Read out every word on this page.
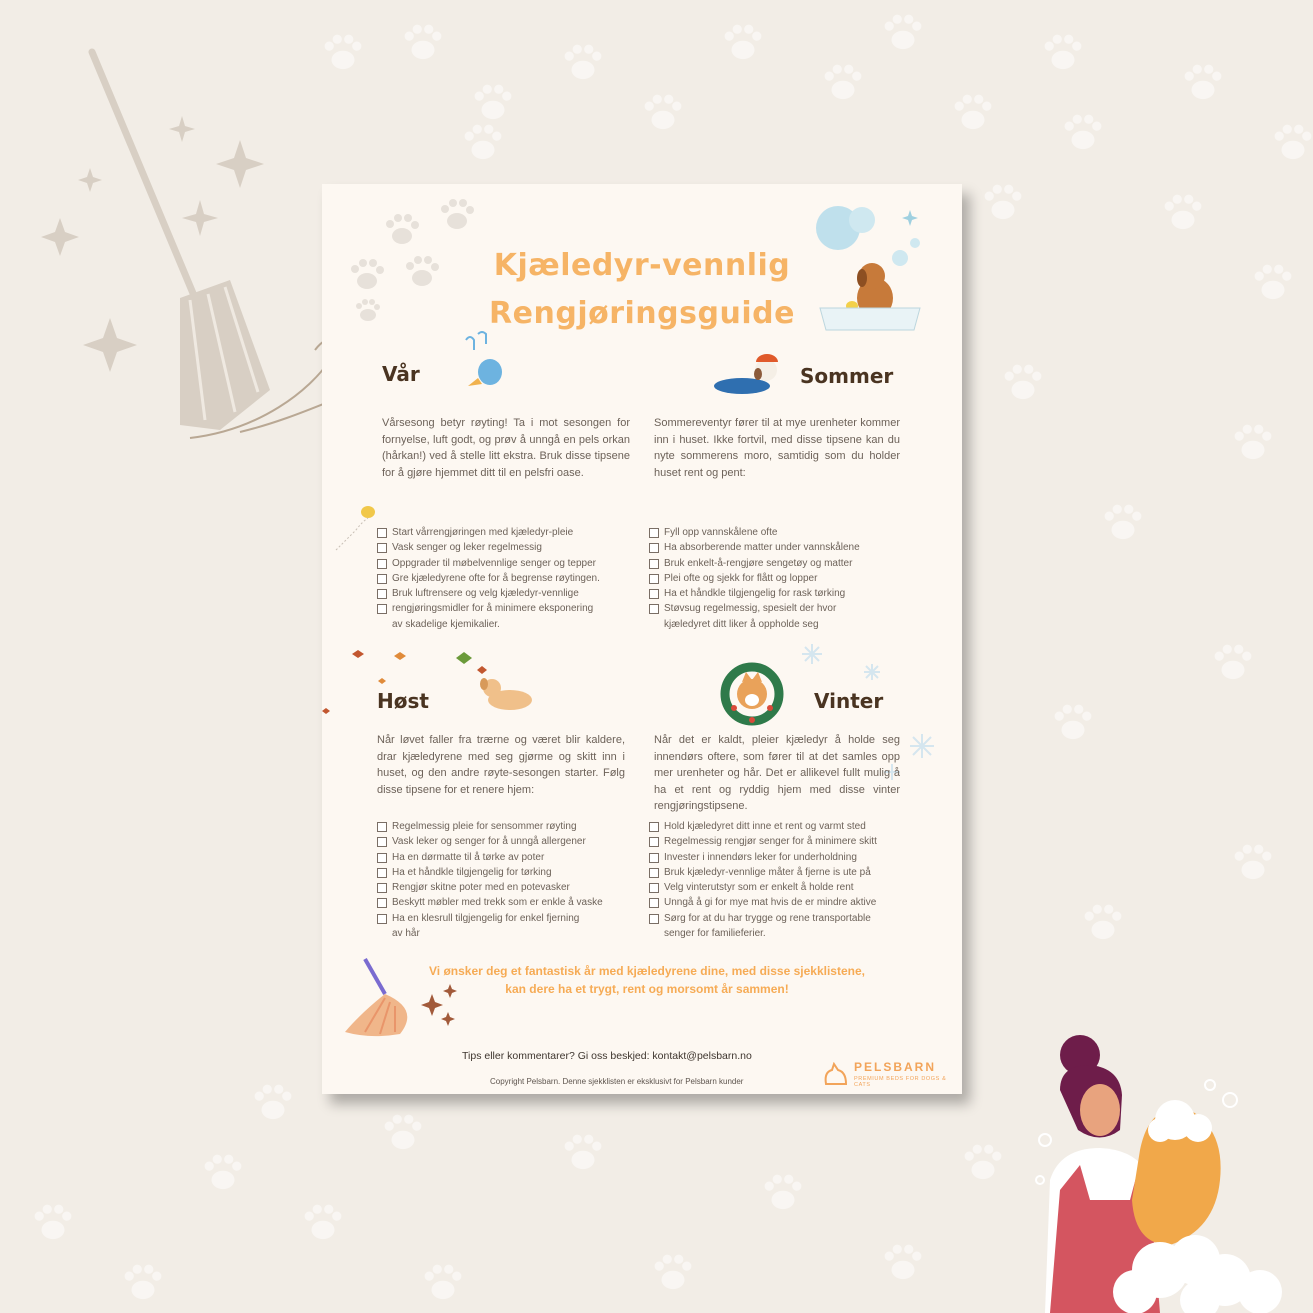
Kjæledyr-vennlig
Rengjøringsguide
Vår
Vårsesong betyr røyting! Ta i mot sesongen for fornyelse, luft godt, og prøv å unngå en pels orkan (hårkan!) ved å stelle litt ekstra. Bruk disse tipsene for å gjøre hjemmet ditt til en pelsfri oase.
Start vårrengjøringen med kjæledyr-pleie
Vask senger og leker regelmessig
Oppgrader til møbelvennlige senger og tepper
Gre kjæledyrene ofte for å begrense røytingen.
Bruk luftrensere og velg kjæledyr-vennlige
rengjøringsmidler for å minimere eksponering
av skadelige kjemikalier.
Sommer
Sommereventyr fører til at mye urenheter kommer inn i huset. Ikke fortvil, med disse tipsene kan du nyte sommerens moro, samtidig som du holder huset rent og pent:
Fyll opp vannskålene ofte
Ha absorberende matter under vannskålene
Bruk enkelt-å-rengjøre sengetøy og matter
Plei ofte og sjekk for flått og lopper
Ha et håndkle tilgjengelig for rask tørking
Støvsug regelmessig, spesielt der hvor
kjæledyret ditt liker å oppholde seg
Høst
Når løvet faller fra trærne og været blir kaldere, drar kjæledyrene med seg gjørme og skitt inn i huset, og den andre røyte-sesongen starter. Følg disse tipsene for et renere hjem:
Regelmessig pleie for sensommer røyting
Vask leker og senger for å unngå allergener
Ha en dørmatte til å tørke av poter
Ha et håndkle tilgjengelig for tørking
Rengjør skitne poter med en potevasker
Beskytt møbler med trekk som er enkle å vaske
Ha en klesrull tilgjengelig for enkel fjerning
av hår
Vinter
Når det er kaldt, pleier kjæledyr å holde seg innendørs oftere, som fører til at det samles opp mer urenheter og hår. Det er allikevel fullt mulig å ha et rent og ryddig hjem med disse vinter rengjøringstipsene.
Hold kjæledyret ditt inne et rent og varmt sted
Regelmessig rengjør senger for å minimere skitt
Invester i innendørs leker for underholdning
Bruk kjæledyr-vennlige måter å fjerne is ute på
Velg vinterutstyr som er enkelt å holde rent
Unngå å gi for mye mat hvis de er mindre aktive
Sørg for at du har trygge og rene transportable
senger for familieferier.
Vi ønsker deg et fantastisk år med kjæledyrene dine, med disse sjekklistene,
kan dere ha et trygt, rent og morsomt år sammen!
Tips eller kommentarer? Gi oss beskjed: kontakt@pelsbarn.no
Copyright Pelsbarn. Denne sjekklisten er eksklusivt for Pelsbarn kunder
PELSBARN
PREMIUM BEDS FOR DOGS & CATS
